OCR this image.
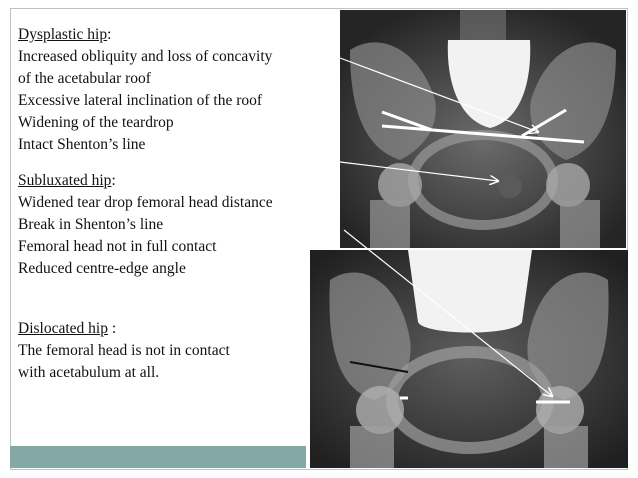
Dysplastic hip:
Increased obliquity and loss of concavity
of the acetabular roof
Excessive lateral inclination of the roof
Widening of the teardrop
Intact Shenton’s line
Subluxated hip:
Widened tear drop femoral head distance
Break in Shenton’s line
Femoral head not in full contact
Reduced centre-edge angle
Dislocated hip :
The femoral head is not in contact
with acetabulum at all.
